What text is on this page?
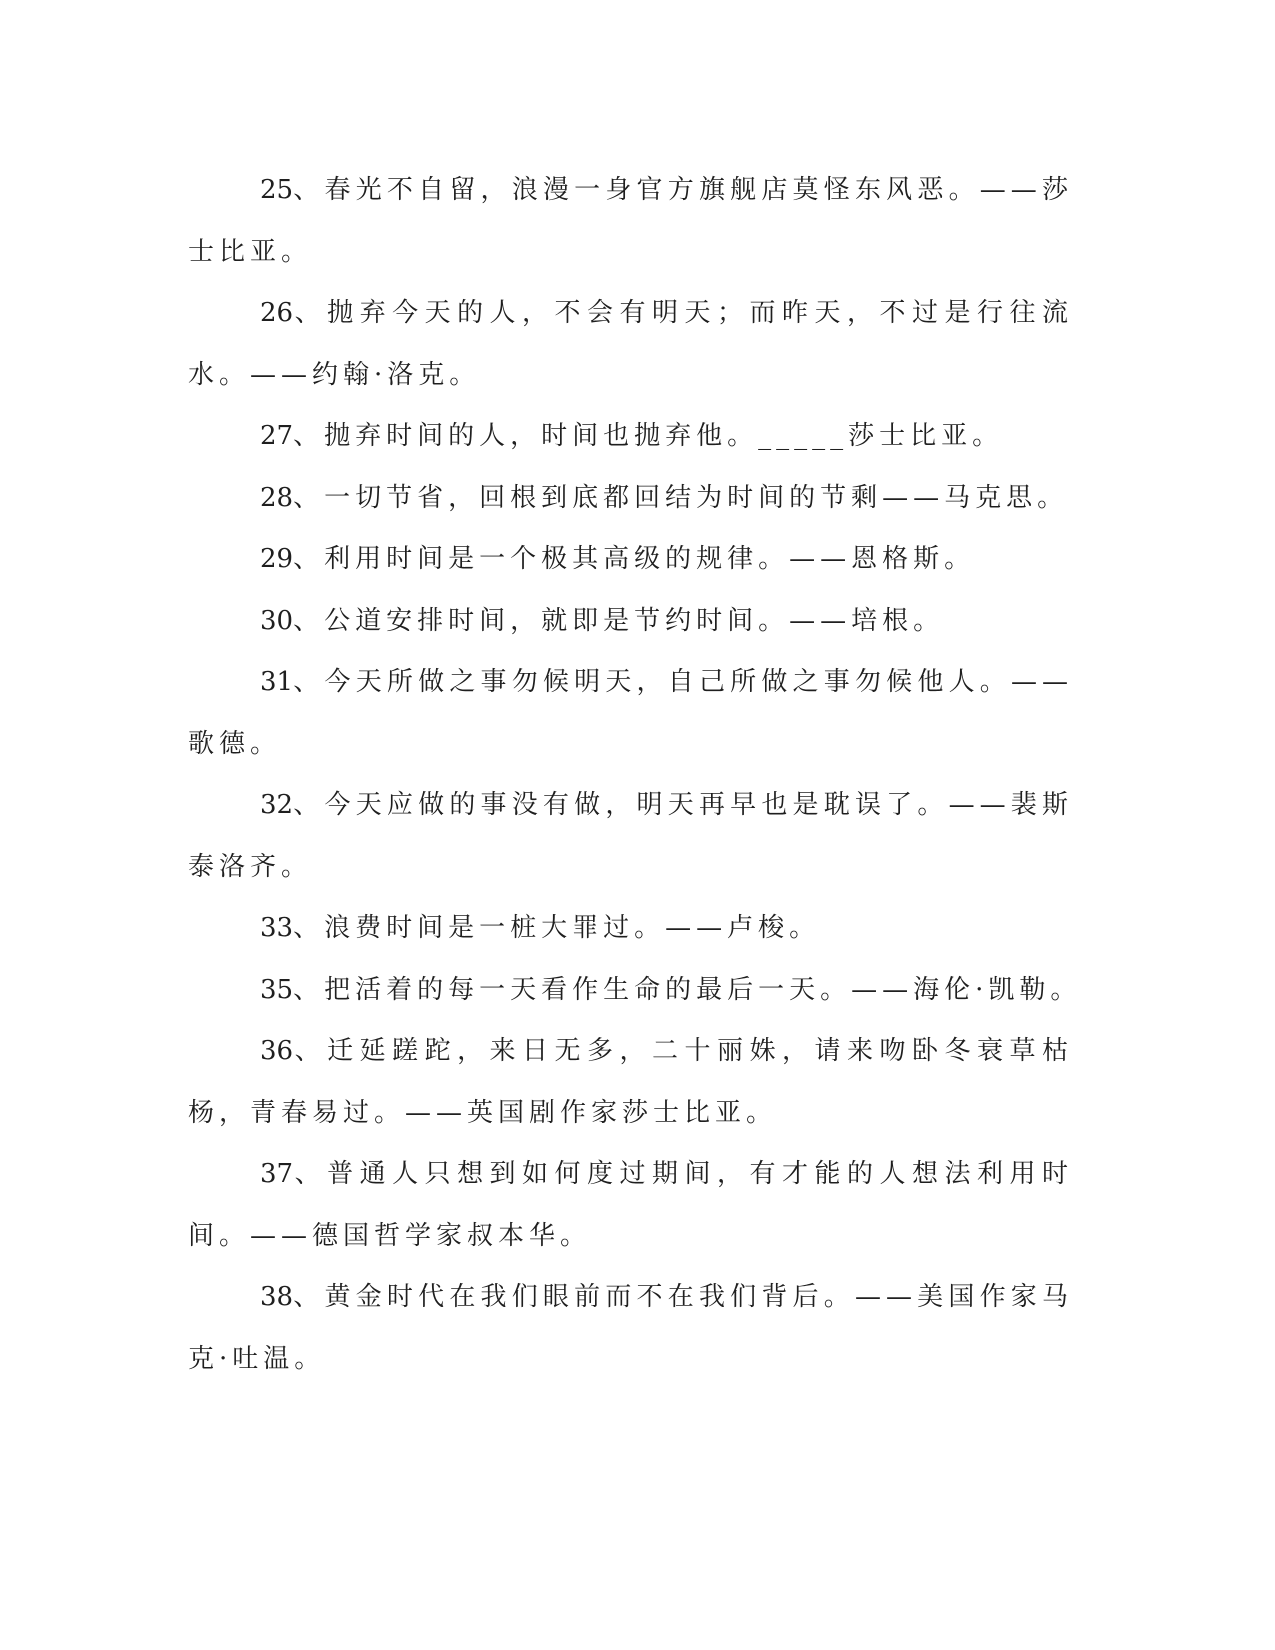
25、春光不自留，浪漫一身官方旗舰店莫怪东风恶。——莎士比亚。

26、抛弃今天的人，不会有明天；而昨天，不过是行往流水。——约翰·洛克。

27、抛弃时间的人，时间也抛弃他。_____莎士比亚。

28、一切节省，回根到底都回结为时间的节剩——马克思。

29、利用时间是一个极其高级的规律。——恩格斯。

30、公道安排时间，就即是节约时间。——培根。

31、今天所做之事勿候明天，自己所做之事勿候他人。——歌德。

32、今天应做的事没有做，明天再早也是耽误了。——裴斯泰洛齐。

33、浪费时间是一桩大罪过。——卢梭。

35、把活着的每一天看作生命的最后一天。——海伦·凯勒。

36、迁延蹉跎，来日无多，二十丽姝，请来吻卧冬衰草枯杨，青春易过。——英国剧作家莎士比亚。

37、普通人只想到如何度过期间，有才能的人想法利用时间。——德国哲学家叔本华。

38、黄金时代在我们眼前而不在我们背后。——美国作家马克·吐温。
